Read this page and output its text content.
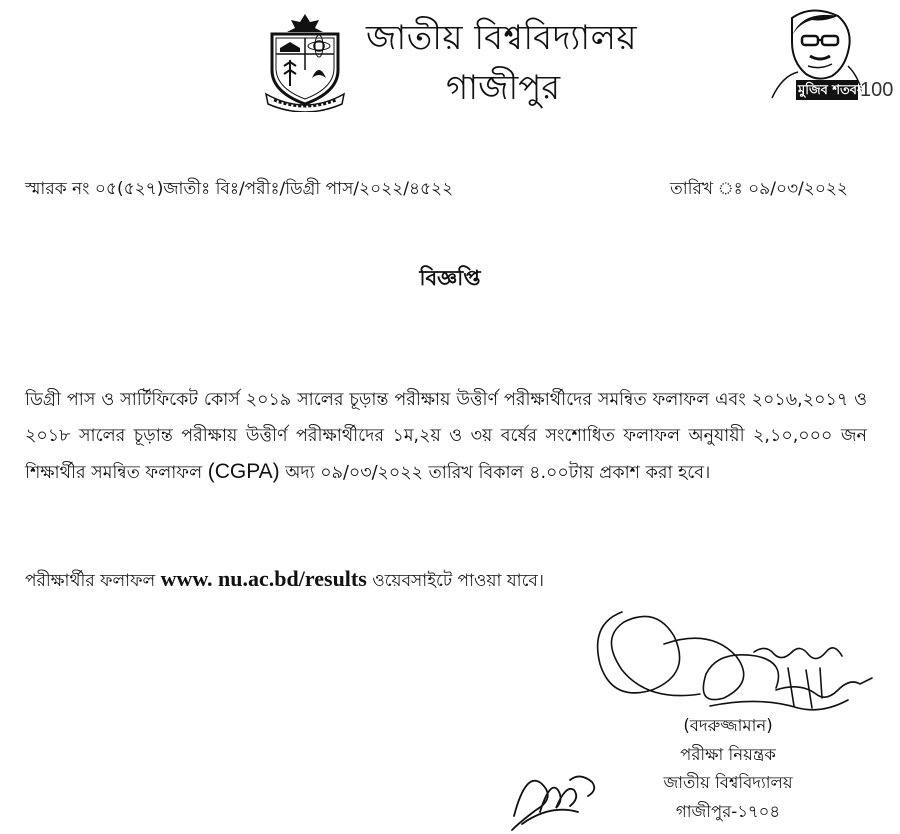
মুজিব শতবর্ষ
100
জাতীয় বিশ্ববিদ্যালয়
গাজীপুর
স্মারক নং ০৫(৫২৭)জাতীঃ বিঃ/পরীঃ/ডিগ্রী পাস/২০২২/৪৫২২	তারিখ ঃ ০৯/০৩/২০২২
বিজ্ঞপ্তি

ডিগ্রী পাস ও সার্টিফিকেট কোর্স ২০১৯ সালের চূড়ান্ত পরীক্ষায় উত্তীর্ণ পরীক্ষার্থীদের সমন্বিত ফলাফল এবং ২০১৬,২০১৭ ও ২০১৮ সালের চূড়ান্ত পরীক্ষায় উত্তীর্ণ পরীক্ষার্থীদের ১ম,২য় ও ৩য় বর্ষের সংশোধিত ফলাফল অনুযায়ী ২,১০,০০০ জন শিক্ষার্থীর সমন্বিত ফলাফল (CGPA) অদ্য ০৯/০৩/২০২২ তারিখ বিকাল ৪.০০টায় প্রকাশ করা হবে।

পরীক্ষার্থীর ফলাফল www. nu.ac.bd/results ওয়েবসাইটে পাওয়া যাবে।
(বদরুজ্জামান)
পরীক্ষা নিয়ন্ত্রক
জাতীয় বিশ্ববিদ্যালয়
গাজীপুর-১৭০৪
